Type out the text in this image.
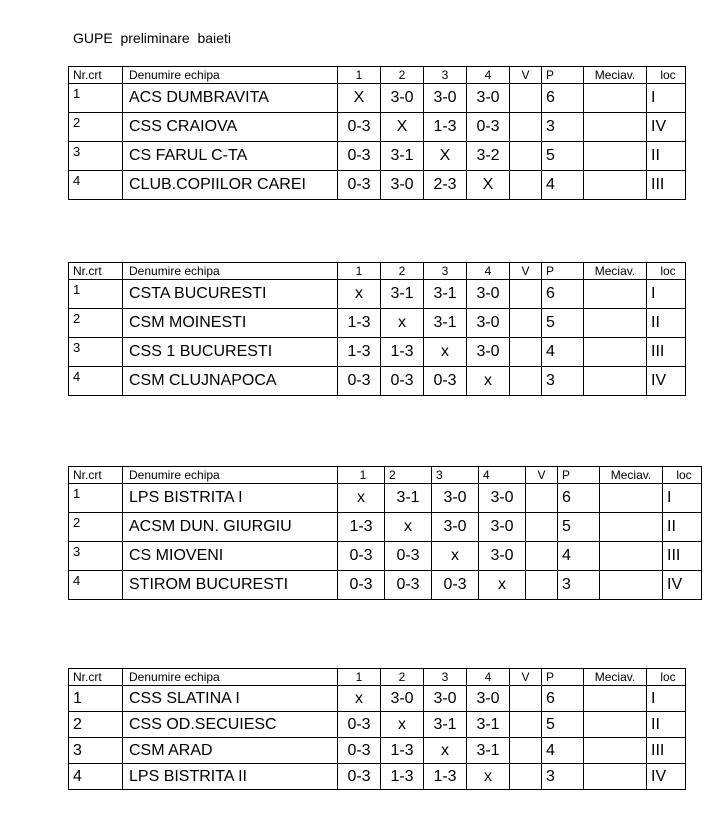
GUPE  preliminare  baieti
Nr.crt	Denumire echipa	1	2	3	4	V	P	Meciav.	loc
1	ACS DUMBRAVITA	X	3-0	3-0	3-0		6		I
2	CSS CRAIOVA	0-3	X	1-3	0-3		3		IV
3	CS FARUL C-TA	0-3	3-1	X	3-2		5		II
4	CLUB.COPIILOR CAREI	0-3	3-0	2-3	X		4		III
Nr.crt	Denumire echipa	1	2	3	4	V	P	Meciav.	loc
1	CSTA BUCURESTI	x	3-1	3-1	3-0		6		I
2	CSM MOINESTI	1-3	x	3-1	3-0		5		II
3	CSS 1 BUCURESTI	1-3	1-3	x	3-0		4		III
4	CSM CLUJNAPOCA	0-3	0-3	0-3	x		3		IV
Nr.crt	Denumire echipa	1	2	3	4	V	P	Meciav.	loc
1	LPS BISTRITA I	x	3-1	3-0	3-0		6		I
2	ACSM DUN. GIURGIU	1-3	x	3-0	3-0		5		II
3	CS MIOVENI	0-3	0-3	x	3-0		4		III
4	STIROM BUCURESTI	0-3	0-3	0-3	x		3		IV
Nr.crt	Denumire echipa	1	2	3	4	V	P	Meciav.	loc
1	CSS SLATINA I	x	3-0	3-0	3-0		6		I
2	CSS OD.SECUIESC	0-3	x	3-1	3-1		5		II
3	CSM ARAD	0-3	1-3	x	3-1		4		III
4	LPS BISTRITA II	0-3	1-3	1-3	x		3		IV
